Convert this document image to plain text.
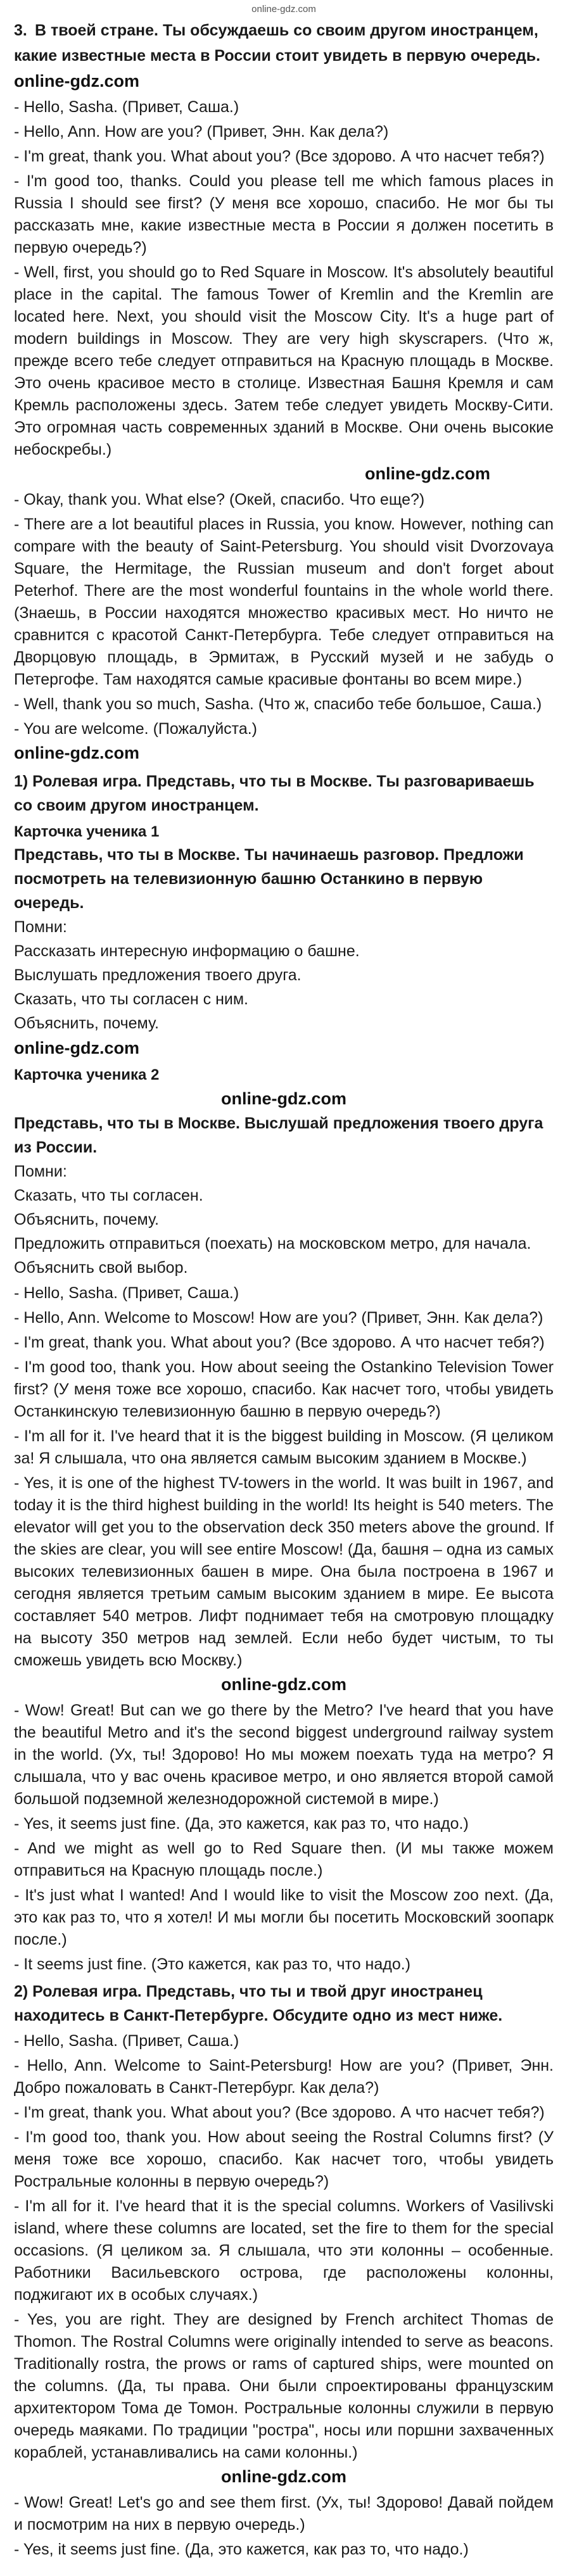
online-gdz.com
3. В твоей стране. Ты обсуждаешь со своим другом иностранцем, какие известные места в России стоит увидеть в первую очередь.
online-gdz.com

- Hello, Sasha. (Привет, Саша.)

- Hello, Ann. How are you? (Привет, Энн. Как дела?)

- I'm great, thank you. What about you? (Все здорово. А что насчет тебя?)

- I'm good too, thanks. Could you please tell me which famous places in Russia I should see first? (У меня все хорошо, спасибо. Не мог бы ты рассказать мне, какие известные места в России я должен посетить в первую очередь?)

- Well, first, you should go to Red Square in Moscow. It's absolutely beautiful place in the capital. The famous Tower of Kremlin and the Kremlin are located here. Next, you should visit the Moscow City. It's a huge part of modern buildings in Moscow. They are very high skyscrapers. (Что ж, прежде всего тебе следует отправиться на Красную площадь в Москве. Это очень красивое место в столице. Известная Башня Кремля и сам Кремль расположены здесь. Затем тебе следует увидеть Москву-Сити. Это огромная часть современных зданий в Москве. Они очень высокие небоскребы.)

online-gdz.com

- Okay, thank you. What else? (Окей, спасибо. Что еще?)

- There are a lot beautiful places in Russia, you know. However, nothing can compare with the beauty of Saint-Petersburg. You should visit Dvorzovaya Square, the Hermitage, the Russian museum and don't forget about Peterhof. There are the most wonderful fountains in the whole world there. (Знаешь, в России находятся множество красивых мест. Но ничто не сравнится с красотой Санкт-Петербурга. Тебе следует отправиться на Дворцовую площадь, в Эрмитаж, в Русский музей и не забудь о Петергофе. Там находятся самые красивые фонтаны во всем мире.)

- Well, thank you so much, Sasha. (Что ж, спасибо тебе большое, Саша.)

- You are welcome. (Пожалуйста.)

online-gdz.com
1) Ролевая игра. Представь, что ты в Москве. Ты разговариваешь со своим другом иностранцем.
Карточка ученика 1

Представь, что ты в Москве. Ты начинаешь разговор. Предложи посмотреть на телевизионную башню Останкино в первую очередь.

Помни:

Рассказать интересную информацию о башне.

Выслушать предложения твоего друга.

Сказать, что ты согласен с ним.

Объяснить, почему.

online-gdz.com
Карточка ученика 2
online-gdz.com

Представь, что ты в Москве. Выслушай предложения твоего друга из России.

Помни:

Сказать, что ты согласен.

Объяснить, почему.

Предложить отправиться (поехать) на московском метро, для начала.

Объяснить свой выбор.

- Hello, Sasha. (Привет, Саша.)

- Hello, Ann. Welcome to Moscow! How are you? (Привет, Энн. Как дела?)

- I'm great, thank you. What about you? (Все здорово. А что насчет тебя?)

- I'm good too, thank you. How about seeing the Ostankino Television Tower first? (У меня тоже все хорошо, спасибо. Как насчет того, чтобы увидеть Останкинскую телевизионную башню в первую очередь?)

- I'm all for it. I've heard that it is the biggest building in Moscow. (Я целиком за! Я слышала, что она является самым высоким зданием в Москве.)

- Yes, it is one of the highest TV-towers in the world. It was built in 1967, and today it is the third highest building in the world! Its height is 540 meters. The elevator will get you to the observation deck 350 meters above the ground. If the skies are clear, you will see entire Moscow! (Да, башня – одна из самых высоких телевизионных башен в мире. Она была построена в 1967 и сегодня является третьим самым высоким зданием в мире. Ее высота составляет 540 метров. Лифт поднимает тебя на смотровую площадку на высоту 350 метров над землей. Если небо будет чистым, то ты сможешь увидеть всю Москву.)

online-gdz.com

- Wow! Great! But can we go there by the Metro? I've heard that you have the beautiful Metro and it's the second biggest underground railway system in the world. (Ух, ты! Здорово! Но мы можем поехать туда на метро? Я слышала, что у вас очень красивое метро, и оно является второй самой большой подземной железнодорожной системой в мире.)

- Yes, it seems just fine. (Да, это кажется, как раз то, что надо.)

- And we might as well go to Red Square then. (И мы также можем отправиться на Красную площадь после.)

- It's just what I wanted! And I would like to visit the Moscow zoo next. (Да, это как раз то, что я хотел! И мы могли бы посетить Московский зоопарк после.)

- It seems just fine. (Это кажется, как раз то, что надо.)

2) Ролевая игра. Представь, что ты и твой друг иностранец находитесь в Санкт-Петербурге. Обсудите одно из мест ниже.

- Hello, Sasha. (Привет, Саша.)

- Hello, Ann. Welcome to Saint-Petersburg! How are you? (Привет, Энн. Добро пожаловать в Санкт-Петербург. Как дела?)

- I'm great, thank you. What about you? (Все здорово. А что насчет тебя?)

- I'm good too, thank you. How about seeing the Rostral Columns first? (У меня тоже все хорошо, спасибо. Как насчет того, чтобы увидеть Ростральные колонны в первую очередь?)

- I'm all for it. I've heard that it is the special columns. Workers of Vasilivski island, where these columns are located, set the fire to them for the special occasions. (Я целиком за. Я слышала, что эти колонны – особенные. Работники Васильевского острова, где расположены колонны, поджигают их в особых случаях.)

- Yes, you are right. They are designed by French architect Thomas de Thomon. The Rostral Columns were originally intended to serve as beacons. Traditionally rostra, the prows or rams of captured ships, were mounted on the columns. (Да, ты права. Они были спроектированы французским архитектором Тома де Томон. Ростральные колонны служили в первую очередь маяками. По традиции "ростра", носы или поршни захваченных кораблей, устанавливались на сами колонны.)

online-gdz.com

- Wow! Great! Let's go and see them first. (Ух, ты! Здорово! Давай пойдем и посмотрим на них в первую очередь.)

- Yes, it seems just fine. (Да, это кажется, как раз то, что надо.)
